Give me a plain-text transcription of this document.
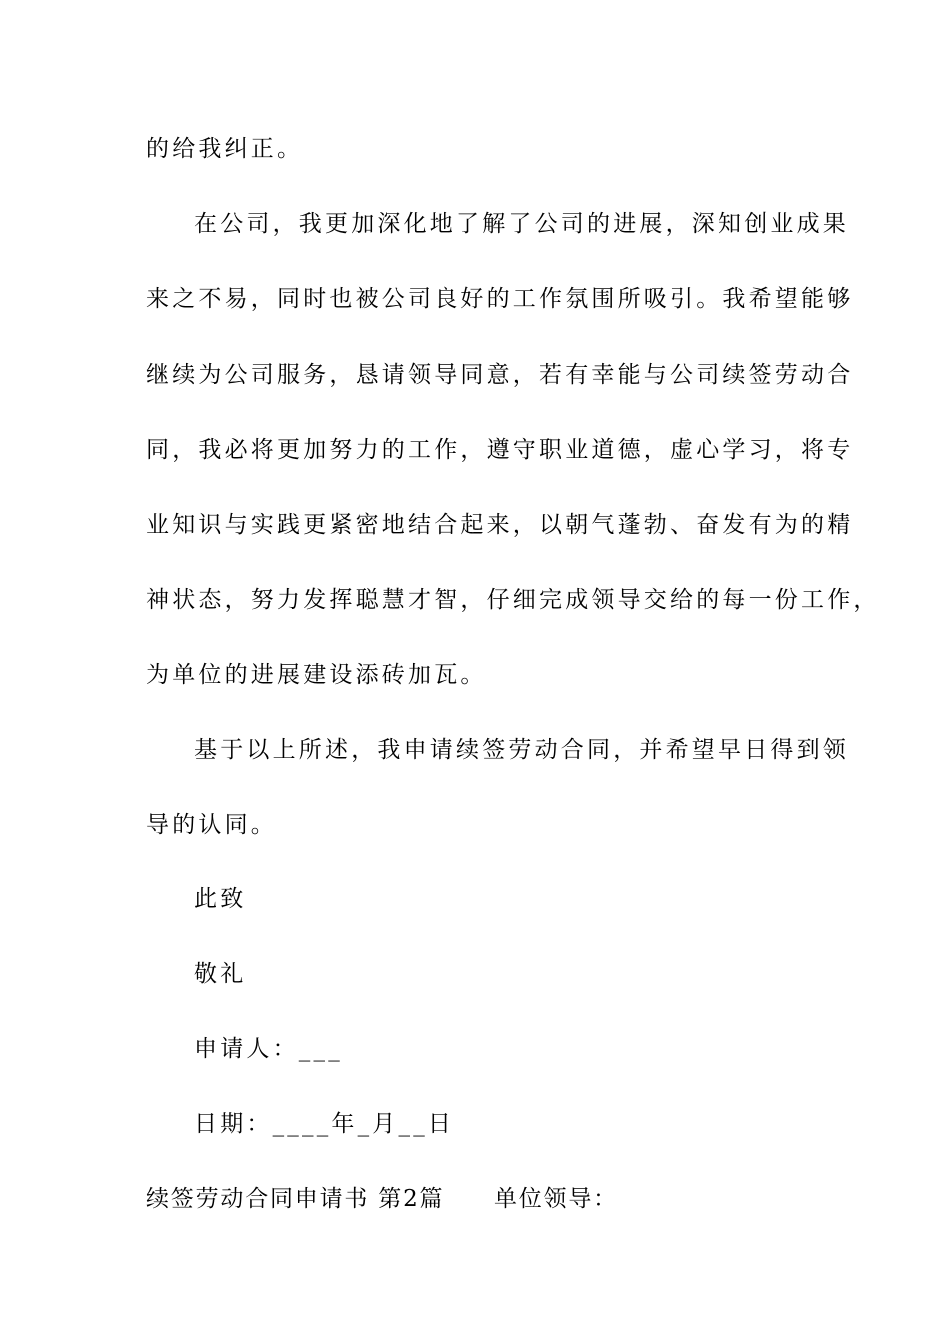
的给我纠正。
在公司，我更加深化地了解了公司的进展，深知创业成果
来之不易，同时也被公司良好的工作氛围所吸引。我希望能够
继续为公司服务，恳请领导同意，若有幸能与公司续签劳动合
同，我必将更加努力的工作，遵守职业道德，虚心学习，将专
业知识与实践更紧密地结合起来，以朝气蓬勃、奋发有为的精
神状态，努力发挥聪慧才智，仔细完成领导交给的每一份工作，
为单位的进展建设添砖加瓦。
基于以上所述，我申请续签劳动合同，并希望早日得到领
导的认同。
此致
敬礼
申请人：___
日期：____年_月__日
续签劳动合同申请书 第2篇　　单位领导：
